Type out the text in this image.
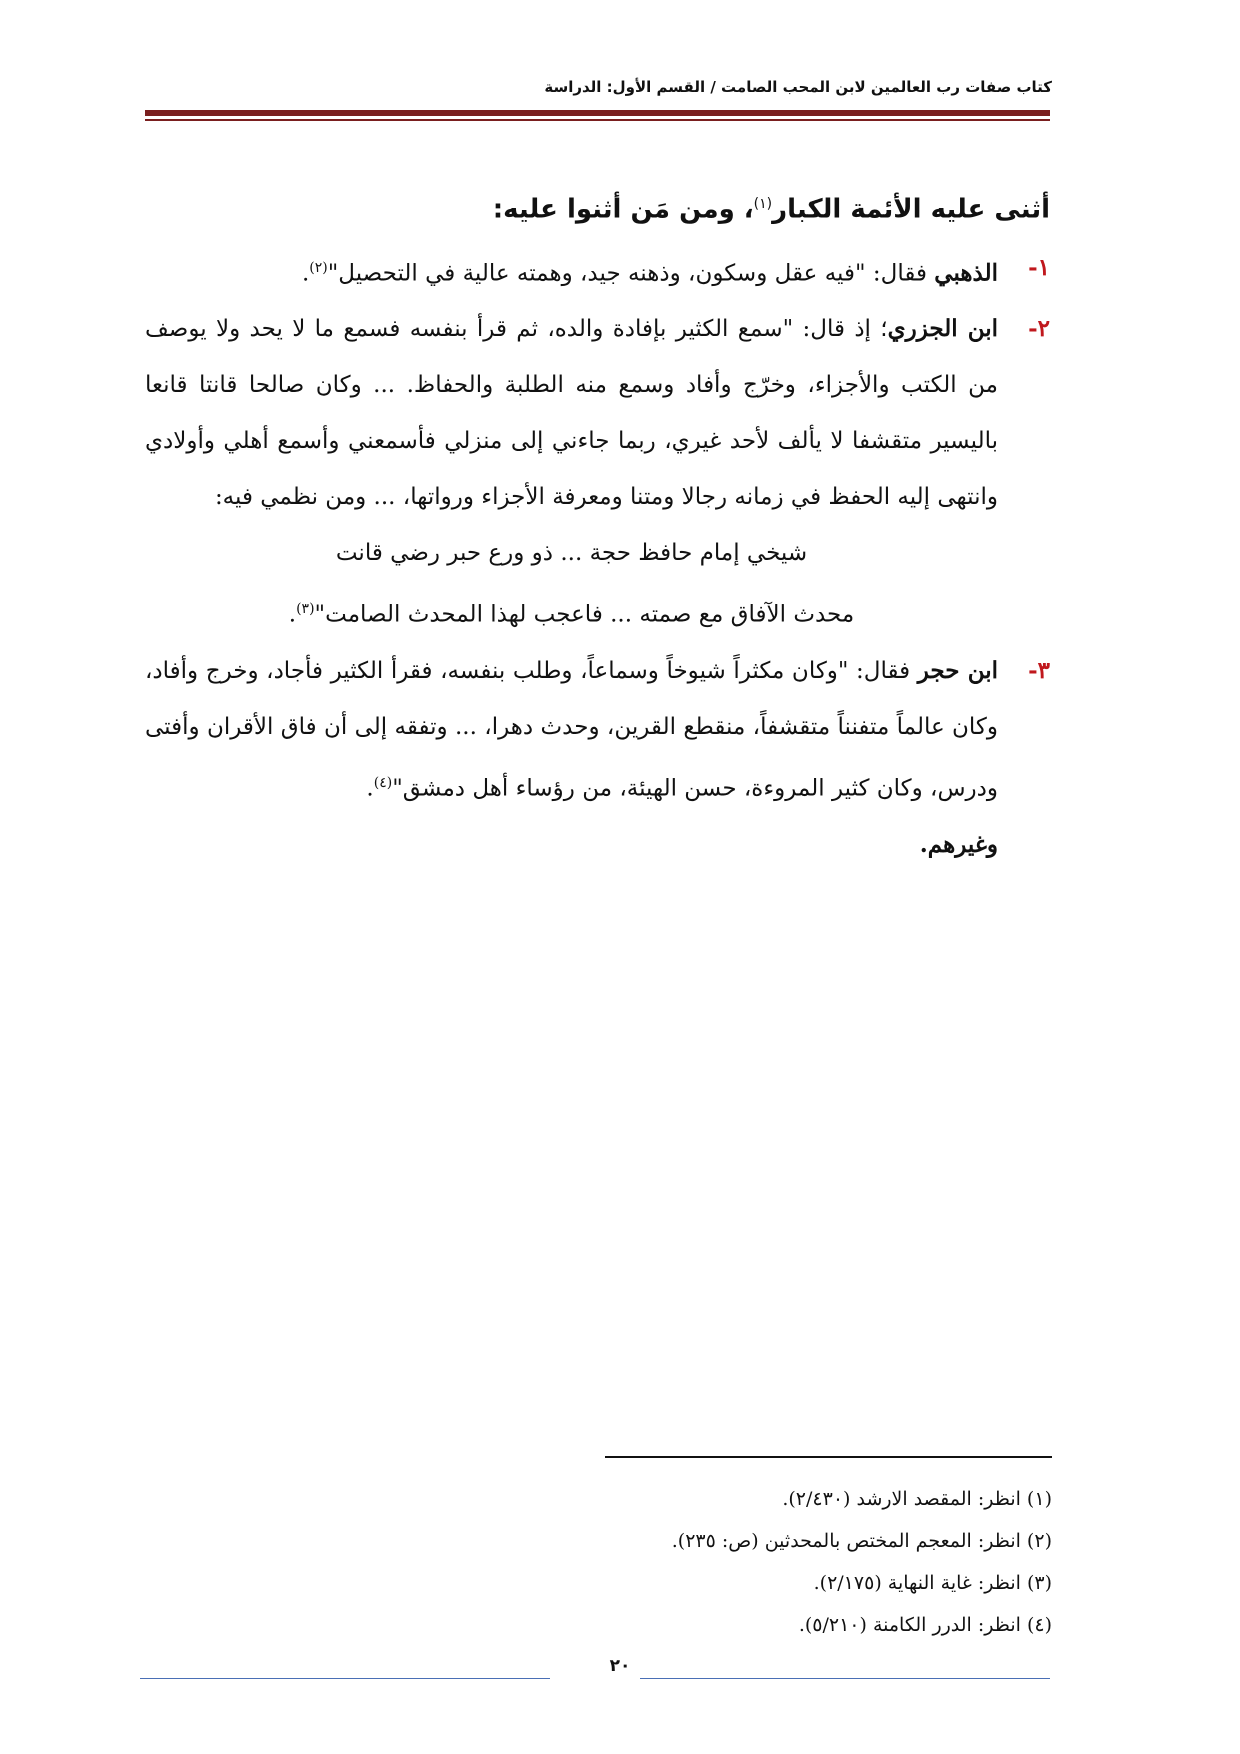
كتاب صفات رب العالمين لابن المحب الصامت / القسم الأول: الدراسة
أثنى عليه الأئمة الكبار$^{(١)}$، ومن مَن أثنوا عليه:
١-
الذهبي فقال: "فيه عقل وسكون، وذهنه جيد، وهمته عالية في التحصيل"$^{(٢)}$.
٢-
ابن الجزري؛ إذ قال: "سمع الكثير بإفادة والده، ثم قرأ بنفسه فسمع ما لا يحد ولا يوصف من الكتب والأجزاء، وخرّج وأفاد وسمع منه الطلبة والحفاظ. ... وكان صالحا قانتا قانعا باليسير متقشفا لا يألف لأحد غيري، ربما جاءني إلى منزلي فأسمعني وأسمع أهلي وأولادي وانتهى إليه الحفظ في زمانه رجالا ومتنا ومعرفة الأجزاء ورواتها، ... ومن نظمي فيه:
شيخي إمام حافظ حجة ... ذو ورع حبر رضي قانت
محدث الآفاق مع صمته ... فاعجب لهذا المحدث الصامت"$^{(٣)}$.
٣-
ابن حجر فقال: "وكان مكثراً شيوخاً وسماعاً، وطلب بنفسه، فقرأ الكثير فأجاد، وخرج وأفاد، وكان عالماً متفنناً متقشفاً، منقطع القرين، وحدث دهرا، ... وتفقه إلى أن فاق الأقران وأفتى ودرس، وكان كثير المروءة، حسن الهيئة، من رؤساء أهل دمشق"$^{(٤)}$.
وغيرهم.
(١) انظر: المقصد الارشد (٢/٤٣٠).
(٢) انظر: المعجم المختص بالمحدثين (ص: ٢٣٥).
(٣) انظر: غاية النهاية (٢/١٧٥).
(٤) انظر: الدرر الكامنة (٥/٢١٠).
٢٠
